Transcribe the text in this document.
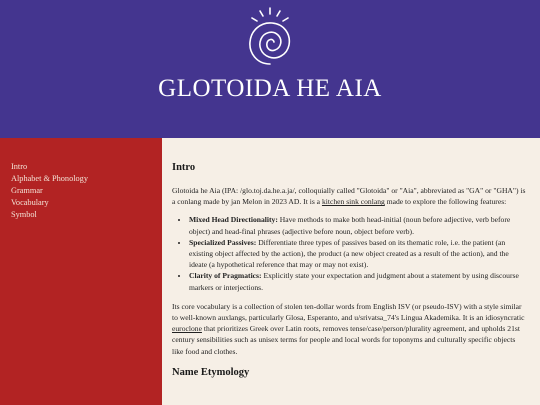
GLOTOIDA HE AIA
Intro
Alphabet & Phonology
Grammar
Vocabulary
Symbol
Intro

Glotoida he Aia (IPA: /glo.toj.da.he.a.ja/, colloquially called "Glotoida" or "Aia", abbreviated as "GA" or "GHA") is a conlang made by jan Melon in 2023 AD. It is a kitchen sink conlang made to explore the following features:

• Mixed Head Directionality: Have methods to make both head-initial (noun before adjective, verb before object) and head-final phrases (adjective before noun, object before verb).
• Specialized Passives: Differentiate three types of passives based on its thematic role, i.e. the patient (an existing object affected by the action), the product (a new object created as a result of the action), and the ideate (a hypothetical reference that may or may not exist).
• Clarity of Pragmatics: Explicitly state your expectation and judgment about a statement by using discourse markers or interjections.

Its core vocabulary is a collection of stolen ten-dollar words from English ISV (or pseudo-ISV) with a style similar to well-known auxlangs, particularly Glosa, Esperanto, and u/srivatsa_74's Lingua Akademika. It is an idiosyncratic euroclone that prioritizes Greek over Latin roots, removes tense/case/person/plurality agreement, and upholds 21st century sensibilities such as unisex terms for people and local words for toponyms and culturally specific objects like food and clothes.

Name Etymology
